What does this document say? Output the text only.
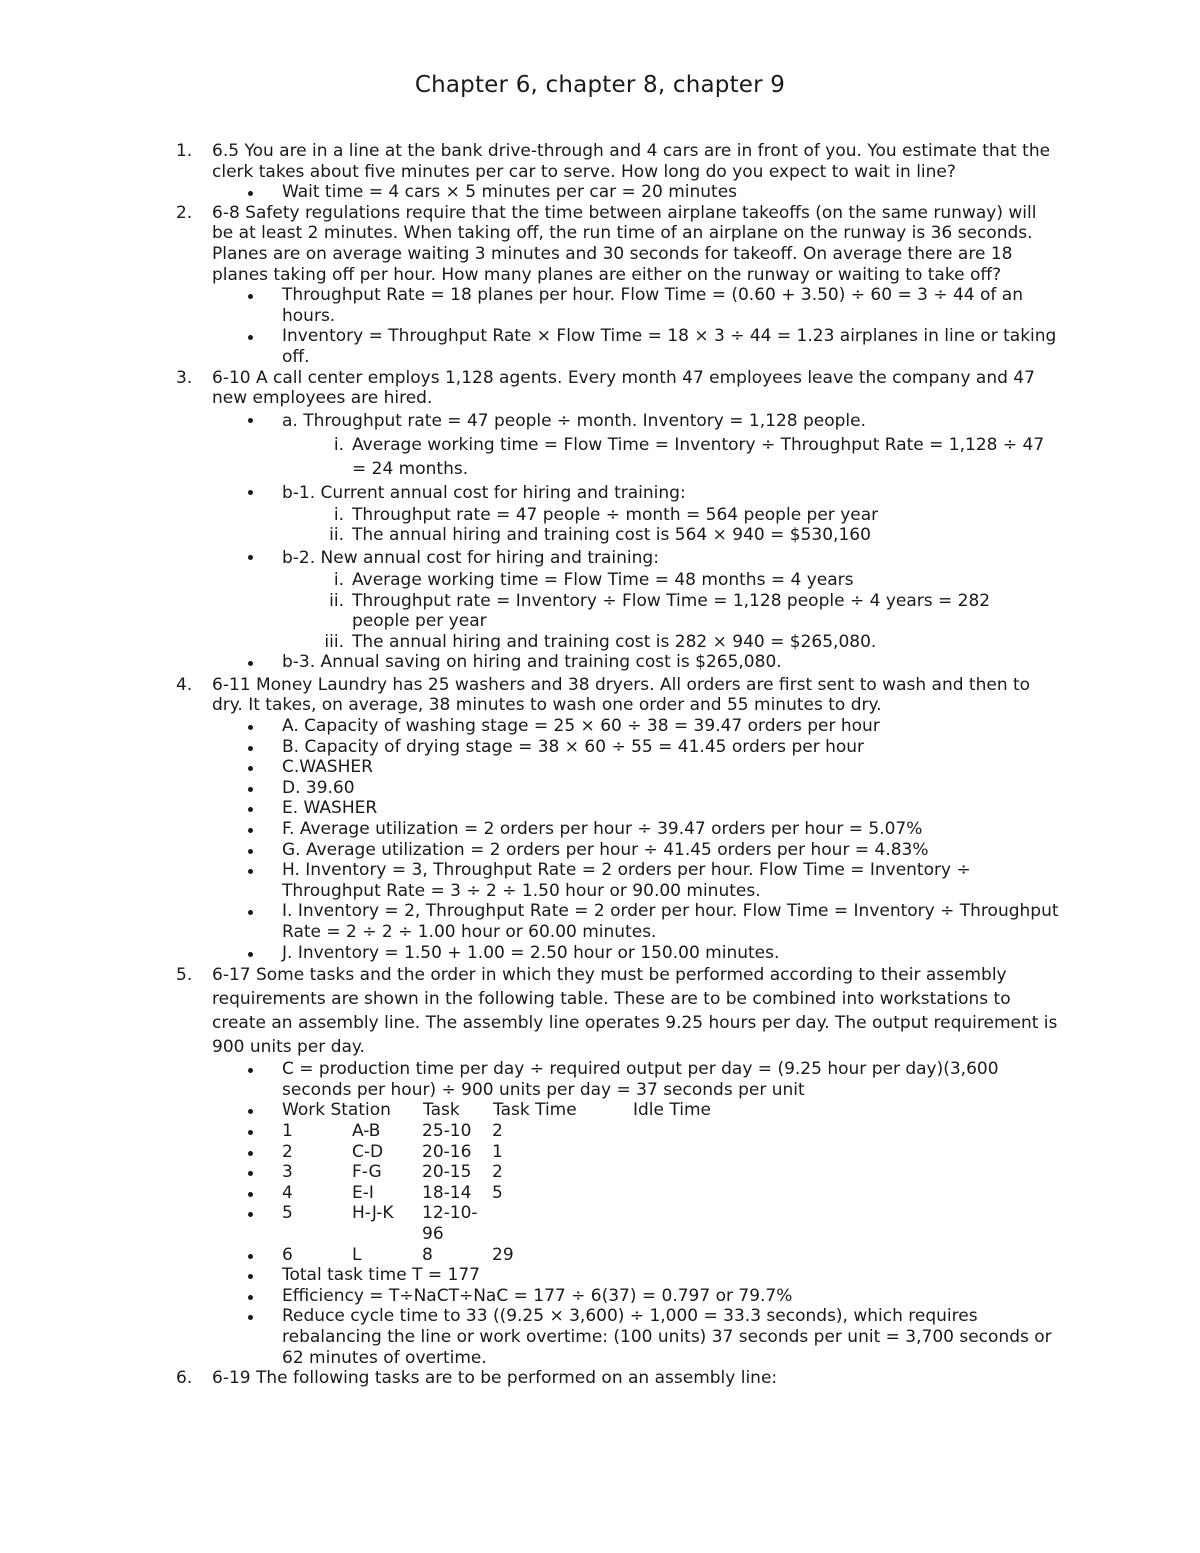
Chapter 6, chapter 8, chapter 9
1. 6.5 You are in a line at the bank drive-through and 4 cars are in front of you. You estimate that the clerk takes about five minutes per car to serve. How long do you expect to wait in line?
Wait time = 4 cars × 5 minutes per car = 20 minutes
2. 6-8 Safety regulations require that the time between airplane takeoffs (on the same runway) will be at least 2 minutes. When taking off, the run time of an airplane on the runway is 36 seconds. Planes are on average waiting 3 minutes and 30 seconds for takeoff. On average there are 18 planes taking off per hour. How many planes are either on the runway or waiting to take off?
Throughput Rate = 18 planes per hour. Flow Time = (0.60 + 3.50) ÷ 60 = 3 ÷ 44 of an hours.
Inventory = Throughput Rate × Flow Time = 18 × 3 ÷ 44 = 1.23 airplanes in line or taking off.
3. 6-10 A call center employs 1,128 agents. Every month 47 employees leave the company and 47 new employees are hired.
a. Throughput rate = 47 people ÷ month. Inventory = 1,128 people.
i. Average working time = Flow Time = Inventory ÷ Throughput Rate = 1,128 ÷ 47 = 24 months.
b-1. Current annual cost for hiring and training:
i. Throughput rate = 47 people ÷ month = 564 people per year
ii. The annual hiring and training cost is 564 × 940 = $530,160
b-2. New annual cost for hiring and training:
i. Average working time = Flow Time = 48 months = 4 years
ii. Throughput rate = Inventory ÷ Flow Time = 1,128 people ÷ 4 years = 282 people per year
iii. The annual hiring and training cost is 282 × 940 = $265,080.
b-3. Annual saving on hiring and training cost is $265,080.
4. 6-11 Money Laundry has 25 washers and 38 dryers. All orders are first sent to wash and then to dry. It takes, on average, 38 minutes to wash one order and 55 minutes to dry.
A. Capacity of washing stage = 25 × 60 ÷ 38 = 39.47 orders per hour
B. Capacity of drying stage = 38 × 60 ÷ 55 = 41.45 orders per hour
C.WASHER
D. 39.60
E. WASHER
F. Average utilization = 2 orders per hour ÷ 39.47 orders per hour = 5.07%
G. Average utilization = 2 orders per hour ÷ 41.45 orders per hour = 4.83%
H. Inventory = 3, Throughput Rate = 2 orders per hour. Flow Time = Inventory ÷ Throughput Rate = 3 ÷ 2 ÷ 1.50 hour or 90.00 minutes.
I. Inventory = 2, Throughput Rate = 2 order per hour. Flow Time = Inventory ÷ Throughput Rate = 2 ÷ 2 ÷ 1.00 hour or 60.00 minutes.
J. Inventory = 1.50 + 1.00 = 2.50 hour or 150.00 minutes.
5. 6-17 Some tasks and the order in which they must be performed according to their assembly requirements are shown in the following table. These are to be combined into workstations to create an assembly line. The assembly line operates 9.25 hours per day. The output requirement is 900 units per day.
C = production time per day ÷ required output per day = (9.25 hour per day)(3,600 seconds per hour) ÷ 900 units per day = 37 seconds per unit
Work Station	Task	Task Time	Idle Time
1	A-B	25-10	2
2	C-D	20-16	1
3	F-G	20-15	2
4	E-I	18-14	5
5	H-J-K	12-10-96
6	L	8	29
Total task time T = 177
Efficiency = T÷NaCT÷NaC = 177 ÷ 6(37) = 0.797 or 79.7%
Reduce cycle time to 33 ((9.25 × 3,600) ÷ 1,000 = 33.3 seconds), which requires rebalancing the line or work overtime: (100 units) 37 seconds per unit = 3,700 seconds or 62 minutes of overtime.
6. 6-19 The following tasks are to be performed on an assembly line:
